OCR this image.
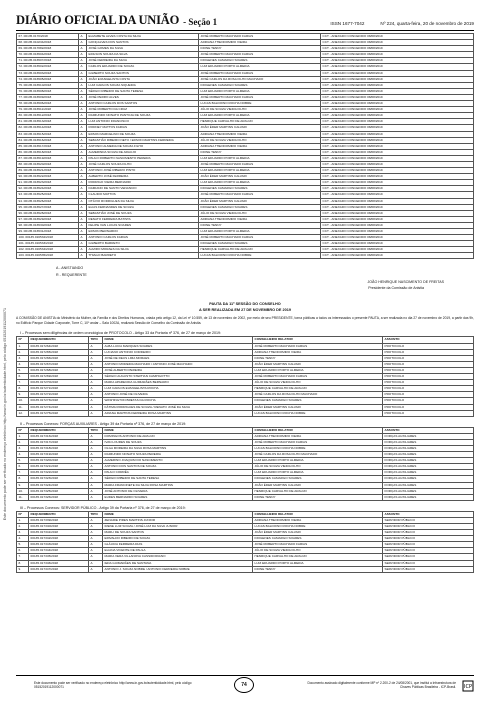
DIÁRIO OFICIAL DA UNIÃO - Seção 1	ISSN 1677-7042	Nº 224, quarta-feira, 20 de novembro de 2019
Este documento pode ser verificado no endereço eletrônico http://www.in.gov.br/autenticidade.html, pelo código 05152019112000071
67. 00135.0170/2018	A	ELIZABETE ALVES COSTA DA SILVA	JOSÉ ROBERTO MACHADO FARIAS	CCT - ANEXADO CONCEDIDO 08/08/2019
68. 00135.010234/2018	A	GONÇALVES DOS SANTOS	ADRIANA THEODOMIRO VIEIRA	CCT - ANEXADO CONCEDIDO 08/08/2019
69. 00135.017082/2018	A	JOSÉ GOMES DA SILVA	DIONE TENNY	CCT - ANEXADO CONCEDIDO 08/08/2019
70. 00135.016504/2018	A	EDILSON SOUZA DA SILVA	JOSÉ ROBERTO MACHADO FARIAS	CCT - ANEXADO CONCEDIDO 08/08/2019
71. 00135.016507/2018	A	JOSÉ FERREIRA DA SILVA	DIOGENES CAMARGO SOARES	CCT - ANEXADO CONCEDIDO 08/08/2019
72. 00135.016502/2018	A	CARLOS EDUARDO DE SOUZA	LUIZ EDUARDO PORTO ALMEIDA	CCT - ANEXADO CONCEDIDO 08/08/2019
73. 00135.016503/2018	A	GILBERTO SOUZA SANTOS	JOSÉ ROBERTO MACHADO FARIAS	CCT - ANEXADO CONCEDIDO 08/08/2019
74. 00135.016505/2018	A	JOÃO EVANGELISTA COSTA	JOSÉ CARLOS DA ROSA FILHO MACHADO	CCT - ANEXADO CONCEDIDO 08/08/2019
75. 00135.016510/2018	A	LUIZ CARLOS SOUZA SIQUEIRA	DIOGENES CAMARGO SOARES	CCT - ANEXADO CONCEDIDO 08/08/2019
76. 00135.016508/2018	A	SÉRGIO RIBEIRO DE SANTA TERESA	LUIZ EDUARDO PORTO ALMEIDA	CCT - ANEXADO CONCEDIDO 08/08/2019
77. 00135.016509/2018	A	JOSÉ PEDRO ALVES	JOSÉ ROBERTO MACHADO FARIAS	CCT - ANEXADO CONCEDIDO 08/08/2019
78. 00135.016506/2018	A	ANTONIO CARLOS DOS SANTOS	LUCAS BALDOINO ROCHA NOBRE	CCT - ANEXADO CONCEDIDO 08/08/2019
79. 00135.016511/2018	A	JOSÉ ROBERTO DA CRUZ	JÚLIO DE SOUZA VIEIRA FILHO	CCT - ANEXADO CONCEDIDO 08/08/2019
80. 00135.016512/2018	A	RAIMUNDO NONATO PANTOJA DE SOUZA	LUIZ EDUARDO PORTO ALMEIDA	CCT - ANEXADO CONCEDIDO 08/08/2019
81. 00135.016513/2018	A	LUIZ ANTONIO FRANCISCO	HENRIQUE CARVALHO DE ARAUJO	CCT - ANEXADO CONCEDIDO 08/08/2019
82. 00135.016514/2018	A	RODNEY MATTOS FARIAS	JOÃO ÉDER MARTINS CALVARI	CCT - ANEXADO CONCEDIDO 08/08/2019
83. 00135.016515/2018	A	EDSON MARCELINO DE SOUZA	ADRIANA THEODOMIRO VIEIRA	CCT - ANEXADO CONCEDIDO 08/08/2019
84. 00135.016516/2018	A	SEBASTIÃO RIBEIRO NETO / EDSON MARTINS FERREIRA	JÚLIO DE SOUZA VIEIRA FILHO	CCT - ANEXADO CONCEDIDO 08/08/2019
85. 00135.016517/2018	A	ANTONIO ALMEIDA DE SOUZA FILHO	ADRIANA THEODOMIRO VIEIRA	CCT - ANEXADO CONCEDIDO 08/08/2019
86. 00135.016518/2018	A	ALMERINDA SOUZA DE ARAUJO	DIONE TENNY	CCT - ANEXADO CONCEDIDO 08/08/2019
87. 00135.016519/2018	A	PAULO ROBERTO NASCIMENTO PEREIRA	LUIZ EDUARDO PORTO ALMEIDA	CCT - ANEXADO CONCEDIDO 08/08/2019
88. 00135.016520/2018	A	JOSÉ CARLOS SOUZA FILHO	JOSÉ ROBERTO MACHADO FARIAS	CCT - ANEXADO CONCEDIDO 08/08/2019
89. 00135.016521/2018	A	ANTONIO JOSÉ RIBEIRO PINTO	LUIZ EDUARDO PORTO ALMEIDA	CCT - ANEXADO CONCEDIDO 08/08/2019
90. 00135.016522/2018	A	ALBERTO JOSÉ FERREIRA	JOÃO ÉDER MARTINS CALVARI	CCT - ANEXADO CONCEDIDO 08/08/2019
91. 00135.016523/2018	A	RODRIGO VIEIRA BERNARDI	LUIZ EDUARDO PORTO ALMEIDA	CCT - ANEXADO CONCEDIDO 08/08/2019
92. 00135.016524/2018	A	DAMIANO DE SANTO VENANCIO	DIOGENES CAMARGO SOARES	CCT - ANEXADO CONCEDIDO 08/08/2019
93. 00135.016525/2018	A	CLAUDIO MATTOS	JOSÉ ROBERTO MACHADO FARIAS	CCT - ANEXADO CONCEDIDO 08/08/2019
94. 00135.016526/2018	A	OTÁVIO RODRIGUES DA SILVA	JOÃO ÉDER MARTINS CALVARI	CCT - ANEXADO CONCEDIDO 08/08/2019
95. 00135.016527/2018	A	ELIAS FERNANDES DE SOUZA	DIOGENES CAMARGO SOARES	CCT - ANEXADO CONCEDIDO 08/08/2019
96. 00135.016528/2018	A	SEBASTIÃO JOSÉ DE SOUZA	JÚLIO DE SOUZA VIEIRA FILHO	CCT - ANEXADO CONCEDIDO 08/08/2019
97. 00135.016529/2018	A	RENATO FERREIRA BATISTA	ADRIANA THEODOMIRO VIEIRA	CCT - ANEXADO CONCEDIDO 08/08/2019
98. 00135.016530/2018	A	FELIPE VAN LUCAS SOARES	DIONE TENNY	CCT - ANEXADO CONCEDIDO 08/08/2019
99. 00135.016531/2018	A	EDSON BERNARDO	LUIZ EDUARDO PORTO ALMEIDA	CCT - ANEXADO CONCEDIDO 08/08/2019
100. 00135.016532/2018	A	ANTONIO CARLOS FARIAS	JOSÉ ROBERTO MACHADO FARIAS	CCT - ANEXADO CONCEDIDO 08/08/2019
101. 00135.016533/2018	A	GILBERTO BARRETO	DIOGENES CAMARGO SOARES	CCT - ANEXADO CONCEDIDO 08/08/2019
102. 00135.016534/2018	A	ALMIRO MORAES DA SILVA	HENRIQUE CARVALHO DE ARAUJO	CCT - ANEXADO CONCEDIDO 08/08/2019
103. 00135.016535/2018	A	THIAGO BARRETO	LUCAS BALDOINO ROCHA NOBRE	CCT - ANEXADO CONCEDIDO 08/08/2019
A - ANISTIANDO
R - REQUERENTE
JOÃO HENRIQUE NASCIMENTO DE FREITAS
Presidente da Comissão de Anistia
PAUTA DA 11ª SESSÃO DO CONSELHO
A SER REALIZADA EM 27 DE NOVEMBRO DE 2019
A COMISSÃO DE ANISTIA do Ministério da Mulher, da Família e dos Direitos Humanos, criada pelo artigo 12, da Lei nº 10.559, de 13 de novembro de 2002, por meio de seu PRESIDENTE, torna públicas a todos os interessados o presente PAUTA, a ser realizada no dia 27 de novembro de 2019, a partir das 9h, no Edifício Parque Cidade Corporate, Torre C, 10º andar – Sala 1002A, realizará Sessão de Conselho da Comissão de Anistia.
I – Processos sem diligências de ordem cronológica de PROTOCOLO - Artigo 33 da Portaria nº 376, de 27 de março de 2019:
Nº	REQUERIMENTO	TIPO	NOME	CONSELHEIRO RELATOR	ASSUNTO
1.	00135.017264/2018	A	ALBA LUCIA MARQUES SOARES	JOSÉ ROBERTO MACHADO FARIAS	PROTOCOLO
2.	00135.017265/2018	A	LUCIANO ANTONIO CORDEIRO	ADRIANA THEODOMIRO VIEIRA	PROTOCOLO
3.	00135.017266/2018	A	JOSÉ DE DEUS LIMA MORAES	DIONE TENNY	PROTOCOLO
4.	00135.017267/2018	A	ANTONIO MOREIRA MACHADO / ANTONIO JOSÉ MACHADO	JOÃO ÉDER MARTINS CALVARI	PROTOCOLO
5.	00135.017268/2018	A	JOSÉ ALBERTO PEREIRA	LUIZ EDUARDO PORTO ALMEIDA	PROTOCOLO
6.	00135.017269/2018	A	SÉRGIO AUGUSTO STEPHAN CAMPIGOTTO	JOSÉ ROBERTO MACHADO FARIAS	PROTOCOLO
7.	00135.017270/2018	A	MARIA APARECIDA GUIMARÃES BERNARDI	JÚLIO DE SOUZA VIEIRA FILHO	PROTOCOLO
8.	00135.017271/2018	A	LUIZ CARLOS EVANGELISTA ROCHA	HENRIQUE CARVALHO DE ARAUJO	PROTOCOLO
9.	00135.017272/2018	A	ANTONIO JOSÉ DE OLIVEIRA	JOSÉ CARLOS DA ROSA FILHO MACHADO	PROTOCOLO
10.	00135.017273/2018	A	WASHINGTON BRETAS DA ROCHA	DIOGENES CAMARGO SOARES	PROTOCOLO
11.	00135.017274/2018	A	FÁTIMA RODRIGUES DE SOUZA / RENATO JOSÉ DA SILVA	JOÃO ÉDER MARTINS CALVARI	PROTOCOLO
12.	00135.017275/2018	A	ARIANA MARTINS FERREIRA ROSA MARTINS	LUCAS BALDOINO ROCHA NOBRE	PROTOCOLO
II – Processos Conexos: FORÇAS AUXILIARES - Artigo 39 da Portaria nº 376, de 27 de março de 2019:
Nº	REQUERIMENTO	TIPO	NOME	CONSELHEIRO RELATOR	ASSUNTO
1.	00135.017316/2018	A	DOMINGOS ANTONIO DE ARAUJO	ADRIANA THEODOMIRO VIEIRA	FORÇAS AUXILIARES
2.	00135.017317/2018	A	IVAN LOURES DE SOUZA	JOSÉ ROBERTO MACHADO FARIAS	FORÇAS AUXILIARES
3.	00135.017318/2018	A	OLGA MOREIRA DA SILVA ROSA MARTINS	LUCAS BALDOINO ROCHA NOBRE	FORÇAS AUXILIARES
4.	00135.017319/2018	A	RAIMUNDO NONATO SOUZA PEREIRA	JOSÉ CARLOS DA ROSA FILHO MACHADO	FORÇAS AUXILIARES
5.	00135.017320/2018	A	ALMERINO JOAQUIM DO NASCIMENTO	LUIZ EDUARDO PORTO ALMEIDA	FORÇAS AUXILIARES
6.	00135.017321/2018	A	ANTONIO DOS SANTOS DE SOUZA	JÚLIO DE SOUZA VIEIRA FILHO	FORÇAS AUXILIARES
7.	00135.017322/2018	A	PAULO CORRÊA	LUIZ EDUARDO PORTO ALMEIDA	FORÇAS AUXILIARES
8.	00135.017323/2018	A	SÉRGIO RIBEIRO DE SANTA TERESA	DIOGENES CAMARGO SOARES	FORÇAS AUXILIARES
9.	00135.017324/2018	A	MARIA FRANCINETE DA SILVA ROSA MARTINS	JOÃO ÉDER MARTINS CALVARI	FORÇAS AUXILIARES
10.	00135.017325/2018	A	JOSÉ ANTONIO DE OLIVEIRA	HENRIQUE CARVALHO DE ARAUJO	FORÇAS AUXILIARES
11.	00135.017326/2018	A	EUDES BERNARDO SOARES	DIONE TENNY	FORÇAS AUXILIARES
III – Processos Conexos: SERVIDOR PÚBLICO - Artigo 39 da Portaria nº 376, de 27 de março de 2019:
Nº	REQUERIMENTO	TIPO	NOME	CONSELHEIRO RELATOR	ASSUNTO
1.	00135.017339/2018	A	ZENAIDE PIRES MARTINS JUNIOR	ADRIANA THEODOMIRO VIEIRA	SERVIDOR PÚBLICO
2.	00135.017340/2018	A	IRENE LUIZ SOUZA / JOSÉ LUIZ DA SILVA JUNIOR	LUCAS BALDOINO ROCHA NOBRE	SERVIDOR PÚBLICO
3.	00135.017341/2018	A	MARLI DE SOUZA SANTOS	JOÃO ÉDER MARTINS CALVARI	SERVIDOR PÚBLICO
4.	00135.017342/2018	A	ERIVALDO RIBEIRO DE SOUZA	DIOGENES CAMARGO SOARES	SERVIDOR PÚBLICO
5.	00135.017343/2018	A	GLÁUCIA FERREIRA DIAS	JOSÉ ROBERTO MACHADO FARIAS	SERVIDOR PÚBLICO
6.	00135.017344/2018	A	ELIANA VICENTE DE PAULA	JÚLIO DE SOUZA VIEIRA FILHO	SERVIDOR PÚBLICO
7.	00135.017345/2018	A	MARIA VERA VILLANOVA CASSIDORIANO	HENRIQUE CARVALHO DE ARAUJO	SERVIDOR PÚBLICO
8.	00135.017346/2018	A	IEDA GUIMARÃES DE SANTANA	LUIZ EDUARDO PORTO ALMEIDA	SERVIDOR PÚBLICO
9.	00135.017347/2018	A	ANTONIO J. SOUZA NOBRE / ANTONIO FERREIRA NOBRE	DIONE TENNY	SERVIDOR PÚBLICO
Este documento pode ser verificado no endereço eletrônico http://www.in.gov.br/autenticidade.html, pelo código 05152019112000071	74	Documento assinado digitalmente conforme MP nº 2.200-2 de 24/08/2001, que institui a Infraestrutura de Chaves Públicas Brasileira - ICP-Brasil. ICP
